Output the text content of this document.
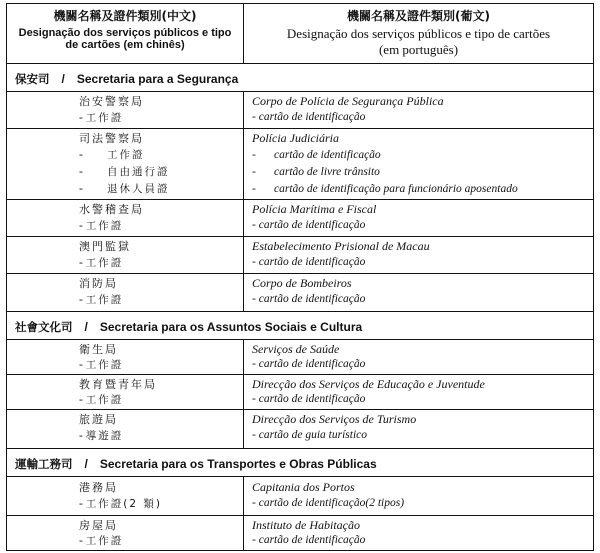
機關名稱及證件類別(中文)
Designação dos serviços públicos e tipo
de cartões (em chinês)
機關名稱及證件類別(葡文)
Designação dos serviços públicos e tipo de cartões
(em português)
保安司 / Secretaria para a Segurança
治安警察局
- 工作證
Corpo de Polícia de Segurança Pública
- cartão de identificação
司法警察局
- 工作證
- 自由通行證
- 退休人員證
Polícia Judiciária
- cartão de identificação
- cartão de livre trânsito
- cartão de identificação para funcionário aposentado
水警稽查局
- 工作證
Polícia Marítima e Fiscal
- cartão de identificação
澳門監獄
- 工作證
Estabelecimento Prisional de Macau
- cartão de identificação
消防局
- 工作證
Corpo de Bombeiros
- cartão de identificação
社會文化司 / Secretaria para os Assuntos Sociais e Cultura
衛生局
- 工作證
Serviços de Saúde
- cartão de identificação
教育暨青年局
- 工作證
Direcção dos Serviços de Educação e Juventude
- cartão de identificação
旅遊局
- 導遊證
Direcção dos Serviços de Turismo
- cartão de guia turístico
運輸工務司 / Secretaria para os Transportes e Obras Públicas
港務局
- 工作證(2 類)
Capitania dos Portos
- cartão de identificação(2 tipos)
房屋局
- 工作證
Instituto de Habitação
- cartão de identificação
